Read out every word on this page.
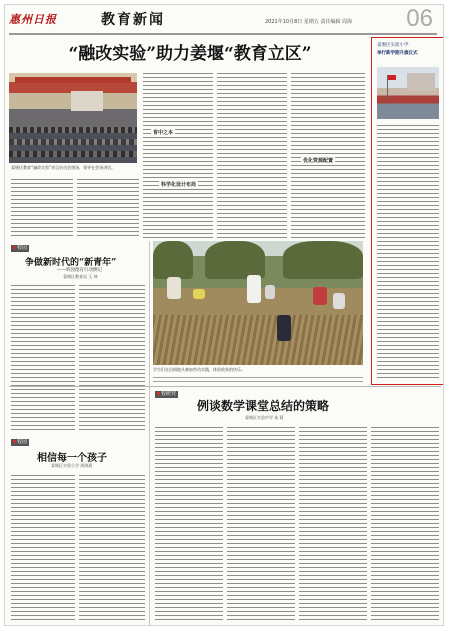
惠州日报	教育新闻	2021年10月8日 星期五 责任编辑 周海	06
“融改实验”助力姜堰“教育立区”
姜堰区教育“融改实验”项目启动会现场，领导在会场讲话。
育中之本
科学化设计布局
优化资源配置
校园
争做新时代的“新青年”
——校园德育行动侧记
姜堰区教育局 王 坤
学生们在田间地头参加劳动实践，体验收获的快乐。
姜堰区实验小学
举行新学期升旗仪式
校园
相信每一个孩子
姜堰区实验小学 周海燕
校研究
例谈数学课堂总结的策略
姜堰区实验中学 朱 莉
